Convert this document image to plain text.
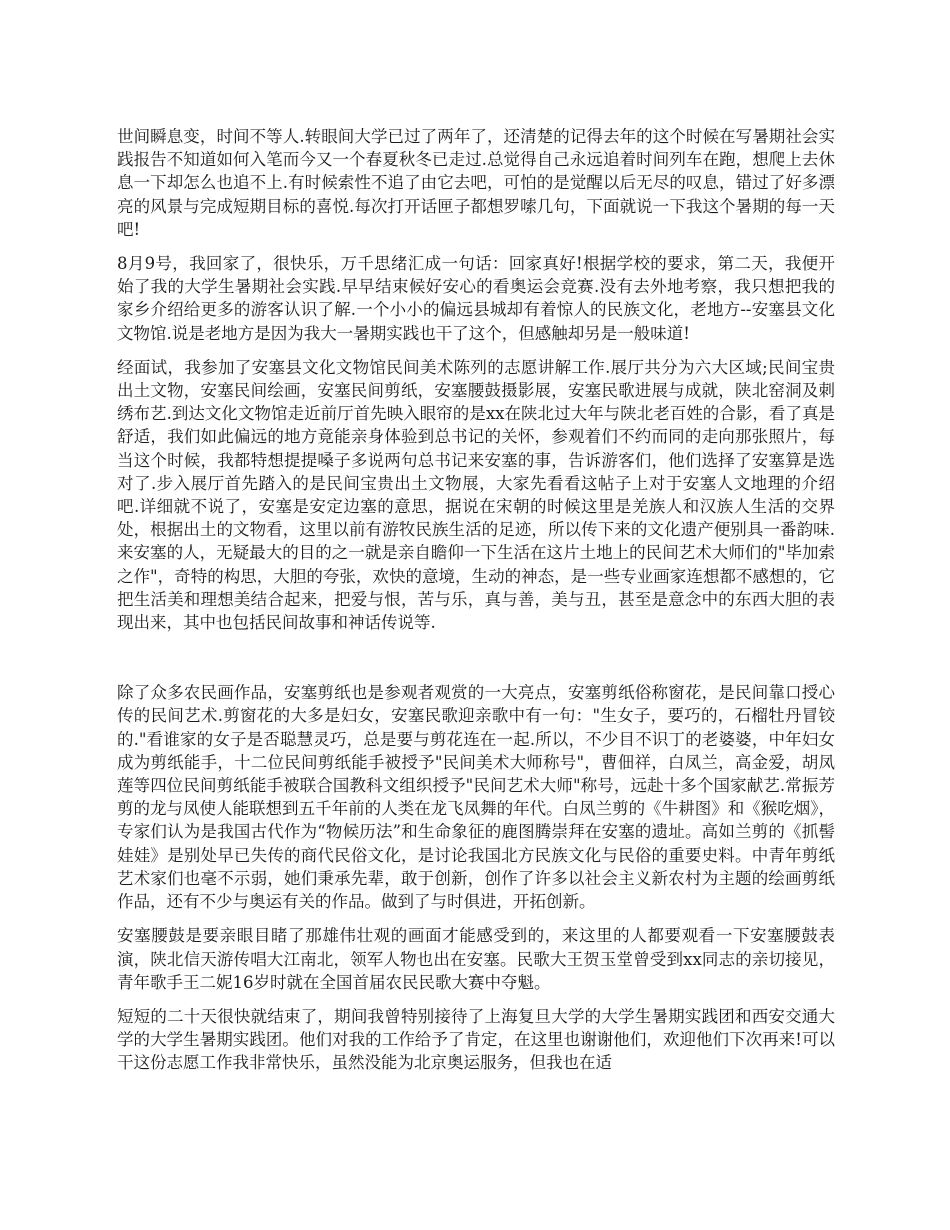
世间瞬息变，时间不等人.转眼间大学已过了两年了，还清楚的记得去年的这个时候在写暑期社会实践报告不知道如何入笔而今又一个春夏秋冬已走过.总觉得自己永远追着时间列车在跑，想爬上去休息一下却怎么也追不上.有时候索性不追了由它去吧，可怕的是觉醒以后无尽的叹息，错过了好多漂亮的风景与完成短期目标的喜悦.每次打开话匣子都想罗嗦几句，下面就说一下我这个暑期的每一天吧!

8月9号，我回家了，很快乐，万千思绪汇成一句话：回家真好!根据学校的要求，第二天，我便开始了我的大学生暑期社会实践.早早结束候好安心的看奥运会竞赛.没有去外地考察，我只想把我的家乡介绍给更多的游客认识了解.一个小小的偏远县城却有着惊人的民族文化，老地方--安塞县文化文物馆.说是老地方是因为我大一暑期实践也干了这个，但感触却另是一般味道!

经面试，我参加了安塞县文化文物馆民间美术陈列的志愿讲解工作.展厅共分为六大区域;民间宝贵出土文物，安塞民间绘画，安塞民间剪纸，安塞腰鼓摄影展，安塞民歌进展与成就，陕北窑洞及刺绣布艺.到达文化文物馆走近前厅首先映入眼帘的是xx在陕北过大年与陕北老百姓的合影，看了真是舒适，我们如此偏远的地方竟能亲身体验到总书记的关怀，参观着们不约而同的走向那张照片，每当这个时候，我都特想提提嗓子多说两句总书记来安塞的事，告诉游客们，他们选择了安塞算是选对了.步入展厅首先踏入的是民间宝贵出土文物展，大家先看看这帖子上对于安塞人文地理的介绍吧.详细就不说了，安塞是安定边塞的意思，据说在宋朝的时候这里是羌族人和汉族人生活的交界处，根据出土的文物看，这里以前有游牧民族生活的足迹，所以传下来的文化遗产便别具一番韵味.来安塞的人，无疑最大的目的之一就是亲自瞻仰一下生活在这片土地上的民间艺术大师们的"毕加索之作"，奇特的构思，大胆的夸张，欢快的意境，生动的神态，是一些专业画家连想都不感想的，它把生活美和理想美结合起来，把爱与恨，苦与乐，真与善，美与丑，甚至是意念中的东西大胆的表现出来，其中也包括民间故事和神话传说等.

除了众多农民画作品，安塞剪纸也是参观者观赏的一大亮点，安塞剪纸俗称窗花，是民间靠口授心传的民间艺术.剪窗花的大多是妇女，安塞民歌迎亲歌中有一句："生女子，要巧的，石榴牡丹冒铰的."看谁家的女子是否聪慧灵巧，总是要与剪花连在一起.所以，不少目不识丁的老婆婆，中年妇女成为剪纸能手，十二位民间剪纸能手被授予"民间美术大师称号"，曹佃祥，白凤兰，高金爱，胡凤莲等四位民间剪纸能手被联合国教科文组织授予"民间艺术大师"称号，远赴十多个国家献艺.常振芳剪的龙与凤使人能联想到五千年前的人类在龙飞凤舞的年代。白凤兰剪的《牛耕图》和《猴吃烟》，专家们认为是我国古代作为“物候历法”和生命象征的鹿图腾崇拜在安塞的遗址。高如兰剪的《抓髻娃娃》是别处早已失传的商代民俗文化，是讨论我国北方民族文化与民俗的重要史料。中青年剪纸艺术家们也毫不示弱，她们秉承先辈，敢于创新，创作了许多以社会主义新农村为主题的绘画剪纸作品，还有不少与奥运有关的作品。做到了与时俱进，开拓创新。

安塞腰鼓是要亲眼目睹了那雄伟壮观的画面才能感受到的，来这里的人都要观看一下安塞腰鼓表演，陕北信天游传唱大江南北，领军人物也出在安塞。民歌大王贺玉堂曾受到xx同志的亲切接见，青年歌手王二妮16岁时就在全国首届农民民歌大赛中夺魁。

短短的二十天很快就结束了，期间我曾特别接待了上海复旦大学的大学生暑期实践团和西安交通大学的大学生暑期实践团。他们对我的工作给予了肯定，在这里也谢谢他们，欢迎他们下次再来!可以干这份志愿工作我非常快乐，虽然没能为北京奥运服务，但我也在适
